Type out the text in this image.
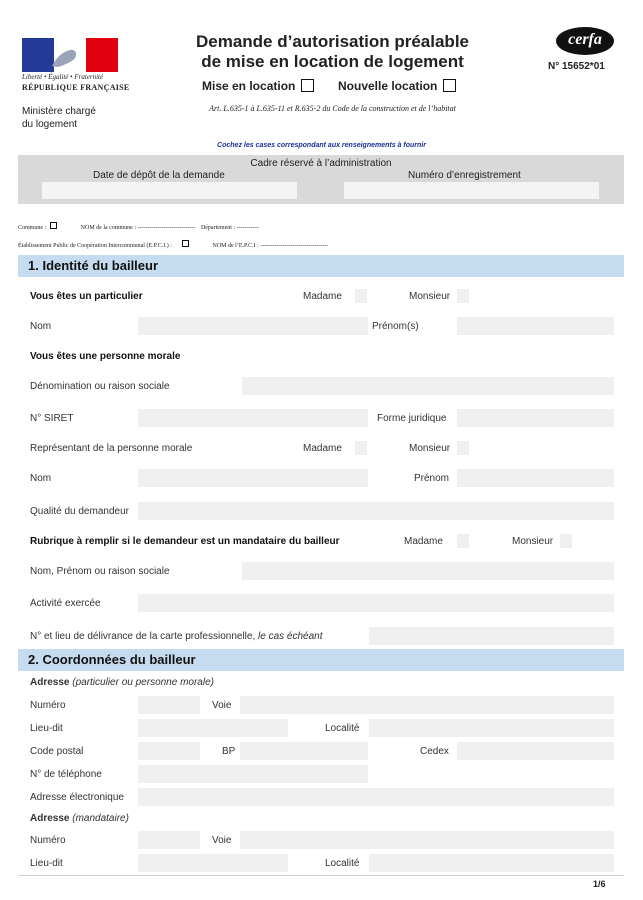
Liberté • Égalité • Fraternité
RÉPUBLIQUE FRANÇAISE
Ministère chargé
du logement
Demande d’autorisation préalable
de mise en location de logement
Mise en location	Nouvelle location
Art. L.635-1 à L.635-11 et R.635-2 du Code de la construction et de l’habitat
cerfa
N° 15652*01
Cochez les cases correspondant aux renseignements à fournir
Cadre réservé à l’administration
Date de dépôt de la demande	Numéro d’enregistrement
Commune :	NOM de la commune : ----------------------------- Département : -----------
Établissement Public de Coopération Intercommunal (E.P.C.I.) :	NOM de l’E.P.C.I : ----------------------------------
1. Identité du bailleur
Vous êtes un particulier	Madame	Monsieur
Nom	Prénom(s)
Vous êtes une personne morale
Dénomination ou raison sociale
N° SIRET	Forme juridique
Représentant de la personne morale	Madame	Monsieur
Nom	Prénom
Qualité du demandeur
Rubrique à remplir si le demandeur est un mandataire du bailleur	Madame	Monsieur
Nom, Prénom ou raison sociale
Activité exercée
N° et lieu de délivrance de la carte professionnelle, le cas échéant
2. Coordonnées du bailleur
Adresse (particulier ou personne morale)
Numéro	Voie
Lieu-dit	Localité
Code postal	BP	Cedex
N° de téléphone
Adresse électronique
Adresse (mandataire)
Numéro	Voie
Lieu-dit	Localité
1/6
